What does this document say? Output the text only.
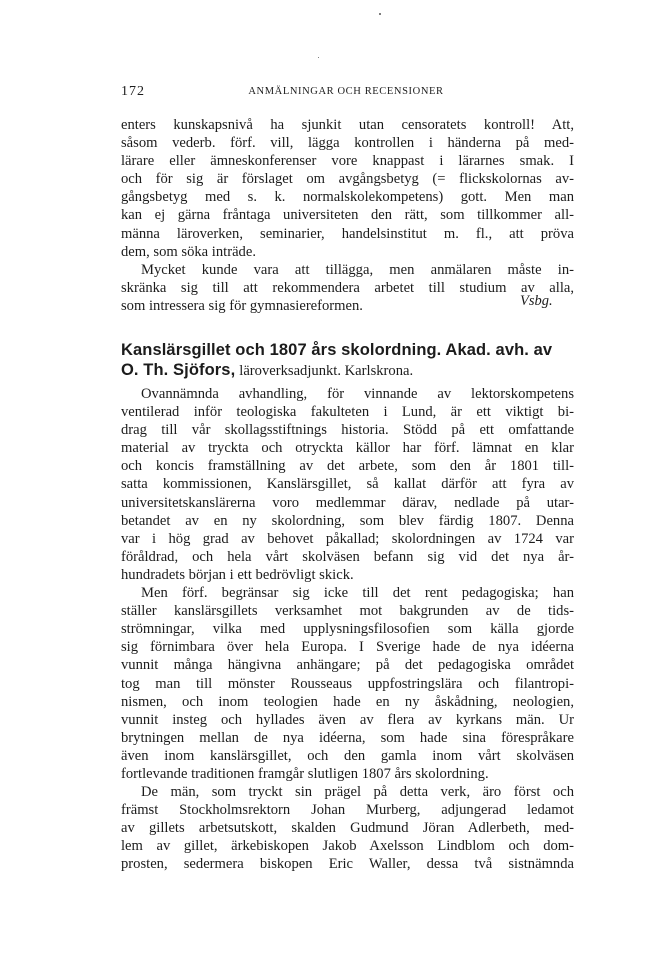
172	ANMÄLNINGAR OCH RECENSIONER
enters kunskapsnivå ha sjunkit utan censoratets kontroll! Att,
såsom vederb. förf. vill, lägga kontrollen i händerna på med-
lärare eller ämneskonferenser vore knappast i lärarnes smak. I
och för sig är förslaget om avgångsbetyg (= flickskolornas av-
gångsbetyg med s. k. normalskolekompetens) gott. Men man
kan ej gärna fråntaga universiteten den rätt, som tillkommer all-
männa läroverken, seminarier, handelsinstitut m. fl., att pröva
dem, som söka inträde.
Mycket kunde vara att tillägga, men anmälaren måste in-
skränka sig till att rekommendera arbetet till studium av alla,
som intressera sig för gymnasiereformen.	Vsbg.
Kanslärsgillet och 1807 års skolordning. Akad. avh. av
O. Th. Sjöfors, läroverksadjunkt. Karlskrona.
Ovannämnda avhandling, för vinnande av lektorskompetens
ventilerad inför teologiska fakulteten i Lund, är ett viktigt bi-
drag till vår skollagsstiftnings historia. Stödd på ett omfattande
material av tryckta och otryckta källor har förf. lämnat en klar
och koncis framställning av det arbete, som den år 1801 till-
satta kommissionen, Kanslärsgillet, så kallat därför att fyra av
universitetskanslärerna voro medlemmar därav, nedlade på utar-
betandet av en ny skolordning, som blev färdig 1807. Denna
var i hög grad av behovet påkallad; skolordningen av 1724 var
föråldrad, och hela vårt skolväsen befann sig vid det nya år-
hundradets början i ett bedrövligt skick.
Men förf. begränsar sig icke till det rent pedagogiska; han
ställer kanslärsgillets verksamhet mot bakgrunden av de tids-
strömningar, vilka med upplysningsfilosofien som källa gjorde
sig förnimbara över hela Europa. I Sverige hade de nya idéerna
vunnit många hängivna anhängare; på det pedagogiska området
tog man till mönster Rousseaus uppfostringslära och filantropi-
nismen, och inom teologien hade en ny åskådning, neologien,
vunnit insteg och hyllades även av flera av kyrkans män. Ur
brytningen mellan de nya idéerna, som hade sina förespråkare
även inom kanslärsgillet, och den gamla inom vårt skolväsen
fortlevande traditionen framgår slutligen 1807 års skolordning.
De män, som tryckt sin prägel på detta verk, äro först och
främst Stockholmsrektorn Johan Murberg, adjungerad ledamot
av gillets arbetsutskott, skalden Gudmund Jöran Adlerbeth, med-
lem av gillet, ärkebiskopen Jakob Axelsson Lindblom och dom-
prosten, sedermera biskopen Eric Waller, dessa två sistnämnda
